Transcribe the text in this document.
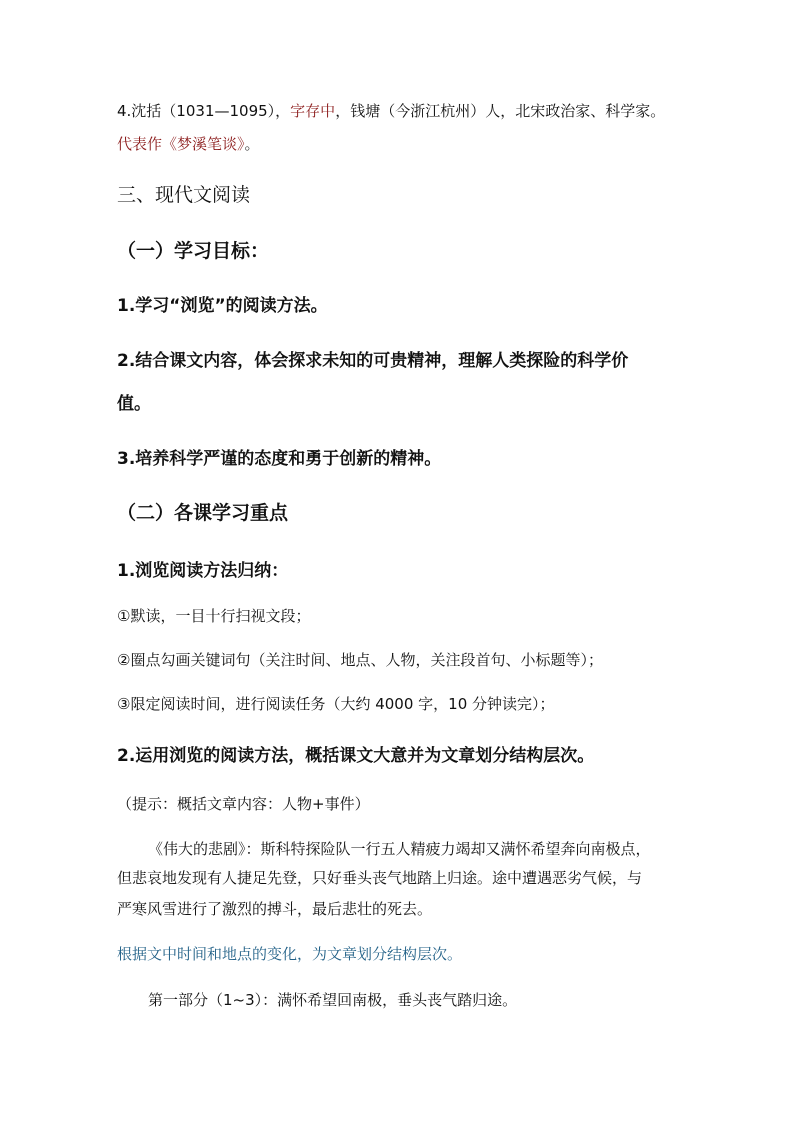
4.沈括（1031—1095），字存中，钱塘（今浙江杭州）人，北宋政治家、科学家。
代表作《梦溪笔谈》。
三、现代文阅读
（一）学习目标：
1.学习“浏览”的阅读方法。
2.结合课文内容，体会探求未知的可贵精神，理解人类探险的科学价
值。
3.培养科学严谨的态度和勇于创新的精神。
（二）各课学习重点
1.浏览阅读方法归纳：
①默读，一目十行扫视文段；
②圈点勾画关键词句（关注时间、地点、人物，关注段首句、小标题等）；
③限定阅读时间，进行阅读任务（大约 4000 字，10 分钟读完）；
2.运用浏览的阅读方法，概括课文大意并为文章划分结构层次。
（提示：概括文章内容：人物+事件）
《伟大的悲剧》：斯科特探险队一行五人精疲力竭却又满怀希望奔向南极点，
但悲哀地发现有人捷足先登，只好垂头丧气地踏上归途。途中遭遇恶劣气候，与
严寒风雪进行了激烈的搏斗，最后悲壮的死去。
根据文中时间和地点的变化，为文章划分结构层次。
第一部分（1~3）：满怀希望回南极，垂头丧气踏归途。
